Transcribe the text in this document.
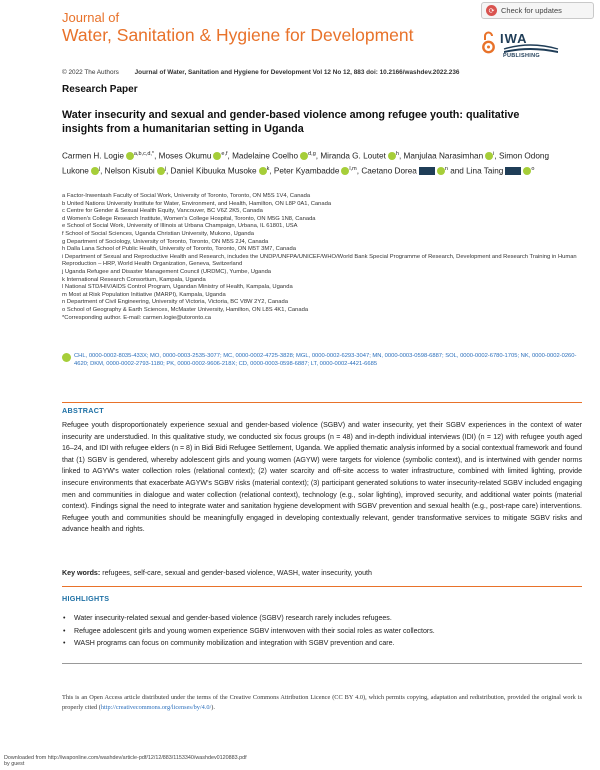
Journal of
Water, Sanitation & Hygiene for Development
⟳ Check for updates
IWA
PUBLISHING
© 2022 The Authors Journal of Water, Sanitation and Hygiene for Development Vol 12 No 12, 883 doi: 10.2166/washdev.2022.236
Research Paper
Water insecurity and sexual and gender-based violence among refugee youth: qualitative insights from a humanitarian setting in Uganda
Carmen H. Logie $^{a,b,c,d,*}$, Moses Okumu $^{e,f}$, Madelaine Coelho $^{d,g}$, Miranda G. Loutet $^h$, Manjulaa Narasimhan $^i$, Simon Odong Lukone $^j$, Nelson Kisubi $^j$, Daniel Kibuuka Musoke $^k$, Peter Kyambadde $^{l,m}$, Caetano Dorea	$^n$ and Lina Taing	$^o$
a Factor-Inwentash Faculty of Social Work, University of Toronto, Toronto, ON M5S 1V4, Canada
b United Nations University Institute for Water, Environment, and Health, Hamilton, ON L8P 0A1, Canada
c Centre for Gender & Sexual Health Equity, Vancouver, BC V6Z 2K5, Canada
d Women's College Research Institute, Women's College Hospital, Toronto, ON M5G 1N8, Canada
e School of Social Work, University of Illinois at Urbana Champaign, Urbana, IL 61801, USA
f School of Social Sciences, Uganda Christian University, Mukono, Uganda
g Department of Sociology, University of Toronto, Toronto, ON M5S 2J4, Canada
h Dalla Lana School of Public Health, University of Toronto, Toronto, ON M5T 3M7, Canada
i Department of Sexual and Reproductive Health and Research, includes the UNDP/UNFPA/UNICEF/WHO/World Bank Special Programme of Research, Development and Research Training in Human Reproduction – HRP, World Health Organization, Geneva, Switzerland
j Uganda Refugee and Disaster Management Council (URDMC), Yumbe, Uganda
k International Research Consortium, Kampala, Uganda
l National STD/HIV/AIDS Control Program, Ugandan Ministry of Health, Kampala, Uganda
m Most at Risk Population Initiative (MARPI), Kampala, Uganda
n Department of Civil Engineering, University of Victoria, Victoria, BC V8W 2Y2, Canada
o School of Geography & Earth Sciences, McMaster University, Hamilton, ON L8S 4K1, Canada
*Corresponding author. E-mail: carmen.logie@utoronto.ca
CHL, 0000-0002-8035-433X; MO, 0000-0003-2535-3077; MC, 0000-0002-4725-3828; MGL, 0000-0002-6293-3047; MN, 0000-0003-0598-6887; SOL, 0000-0002-6780-1705; NK, 0000-0002-0260-4620; DKM, 0000-0002-2793-1180; PK, 0000-0002-9606-218X; CD, 0000-0003-0598-6887; LT, 0000-0002-4421-6685
ABSTRACT
Refugee youth disproportionately experience sexual and gender-based violence (SGBV) and water insecurity, yet their SGBV experiences in the context of water insecurity are understudied. In this qualitative study, we conducted six focus groups (n = 48) and in-depth individual interviews (IDI) (n = 12) with refugee youth aged 16–24, and IDI with refugee elders (n = 8) in Bidi Bidi Refugee Settlement, Uganda. We applied thematic analysis informed by a social contextual framework and found that (1) SGBV is gendered, whereby adolescent girls and young women (AGYW) were targets for violence (symbolic context), and is intertwined with gender norms linked to AGYW's water collection roles (relational context); (2) water scarcity and off-site access to water infrastructure, combined with limited lighting, provide insecure environments that exacerbate AGYW's SGBV risks (material context); (3) participant generated solutions to water insecurity-related SGBV included engaging men and communities in dialogue and water collection (relational context), technology (e.g., solar lighting), improved security, and additional water points (material context). Findings signal the need to integrate water and sanitation hygiene development with SGBV prevention and sexual health (e.g., post-rape care) interventions. Refugee youth and communities should be meaningfully engaged in developing contextually relevant, gender transformative services to mitigate SGBV risks and advance health and rights.
Key words: refugees, self-care, sexual and gender-based violence, WASH, water insecurity, youth
HIGHLIGHTS
• Water insecurity-related sexual and gender-based violence (SGBV) research rarely includes refugees.
• Refugee adolescent girls and young women experience SGBV interwoven with their social roles as water collectors.
• WASH programs can focus on community mobilization and integration with SGBV prevention and care.
This is an Open Access article distributed under the terms of the Creative Commons Attribution Licence (CC BY 4.0), which permits copying, adaptation and redistribution, provided the original work is properly cited (http://creativecommons.org/licenses/by/4.0/).
Downloaded from http://iwaponline.com/washdev/article-pdf/12/12/883/1153340/washdev0120883.pdf
by guest
